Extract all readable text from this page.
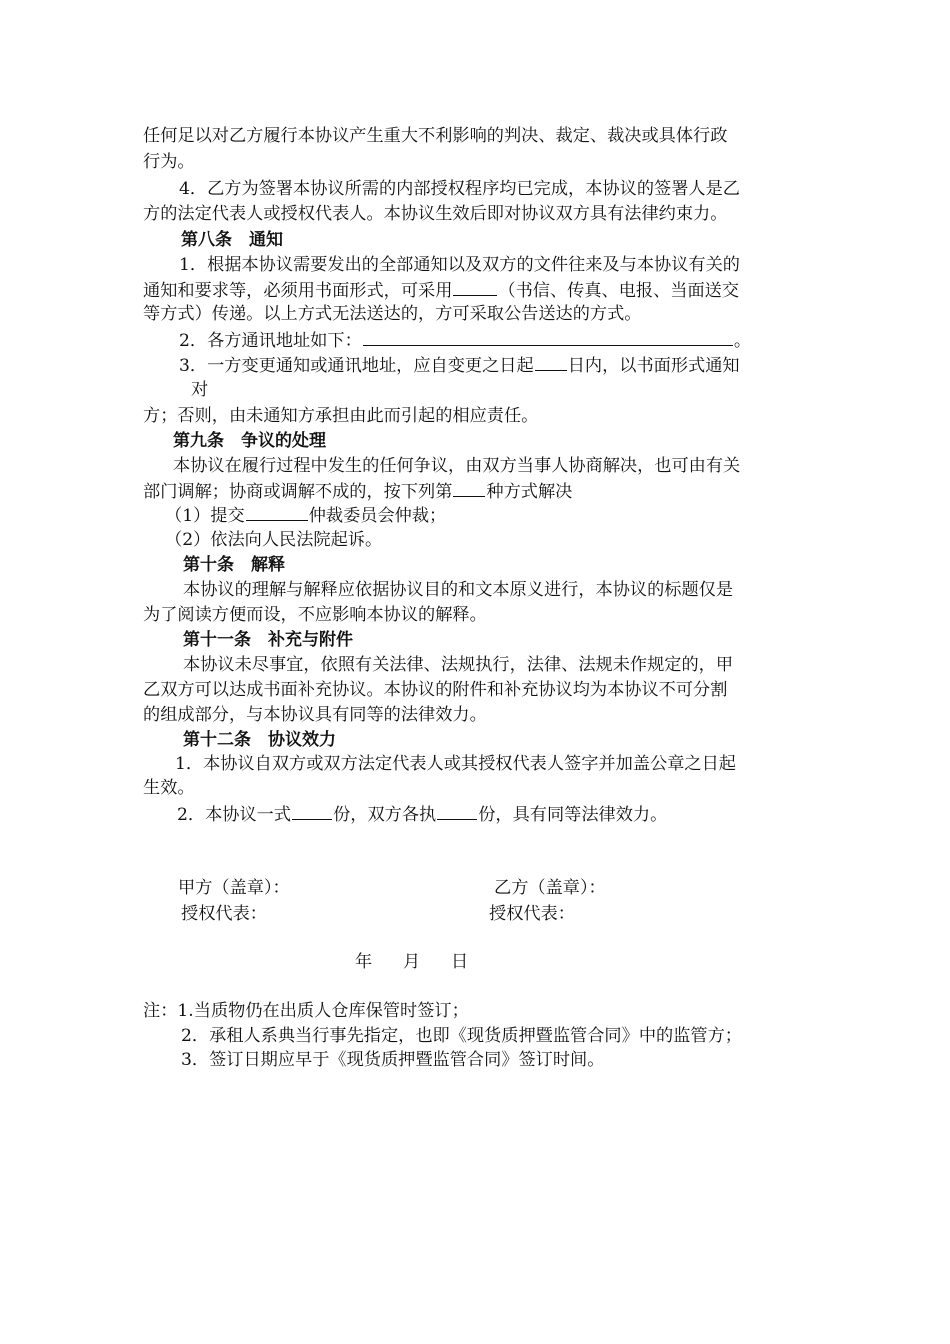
任何足以对乙方履行本协议产生重大不利影响的判决、裁定、裁决或具体行政
行为。
4．乙方为签署本协议所需的内部授权程序均已完成，本协议的签署人是乙
方的法定代表人或授权代表人。本协议生效后即对协议双方具有法律约束力。
第八条　通知
1．根据本协议需要发出的全部通知以及双方的文件往来及与本协议有关的
通知和要求等，必须用书面形式，可采用	（书信、传真、电报、当面送交
等方式）传递。以上方式无法送达的，方可采取公告送达的方式。
2．各方通讯地址如下：	。
3．一方变更通知或通讯地址，应自变更之日起 日内，以书面形式通知
对
方；否则，由未通知方承担由此而引起的相应责任。
第九条　争议的处理
本协议在履行过程中发生的任何争议，由双方当事人协商解决，也可由有关
部门调解；协商或调解不成的，按下列第 种方式解决
（1）提交	仲裁委员会仲裁；
（2）依法向人民法院起诉。
第十条　解释
本协议的理解与解释应依据协议目的和文本原义进行，本协议的标题仅是
为了阅读方便而设，不应影响本协议的解释。
第十一条　补充与附件
本协议未尽事宜，依照有关法律、法规执行，法律、法规未作规定的，甲
乙双方可以达成书面补充协议。本协议的附件和补充协议均为本协议不可分割
的组成部分，与本协议具有同等的法律效力。
第十二条　协议效力
1．本协议自双方或双方法定代表人或其授权代表人签字并加盖公章之日起
生效。
2．本协议一式 份，双方各执 份，具有同等法律效力。
甲方（盖章）：	乙方（盖章）：
授权代表：	授权代表：
年 月 日
注：1.当质物仍在出质人仓库保管时签订；
2．承租人系典当行事先指定，也即《现货质押暨监管合同》中的监管方；
3．签订日期应早于《现货质押暨监管合同》签订时间。
